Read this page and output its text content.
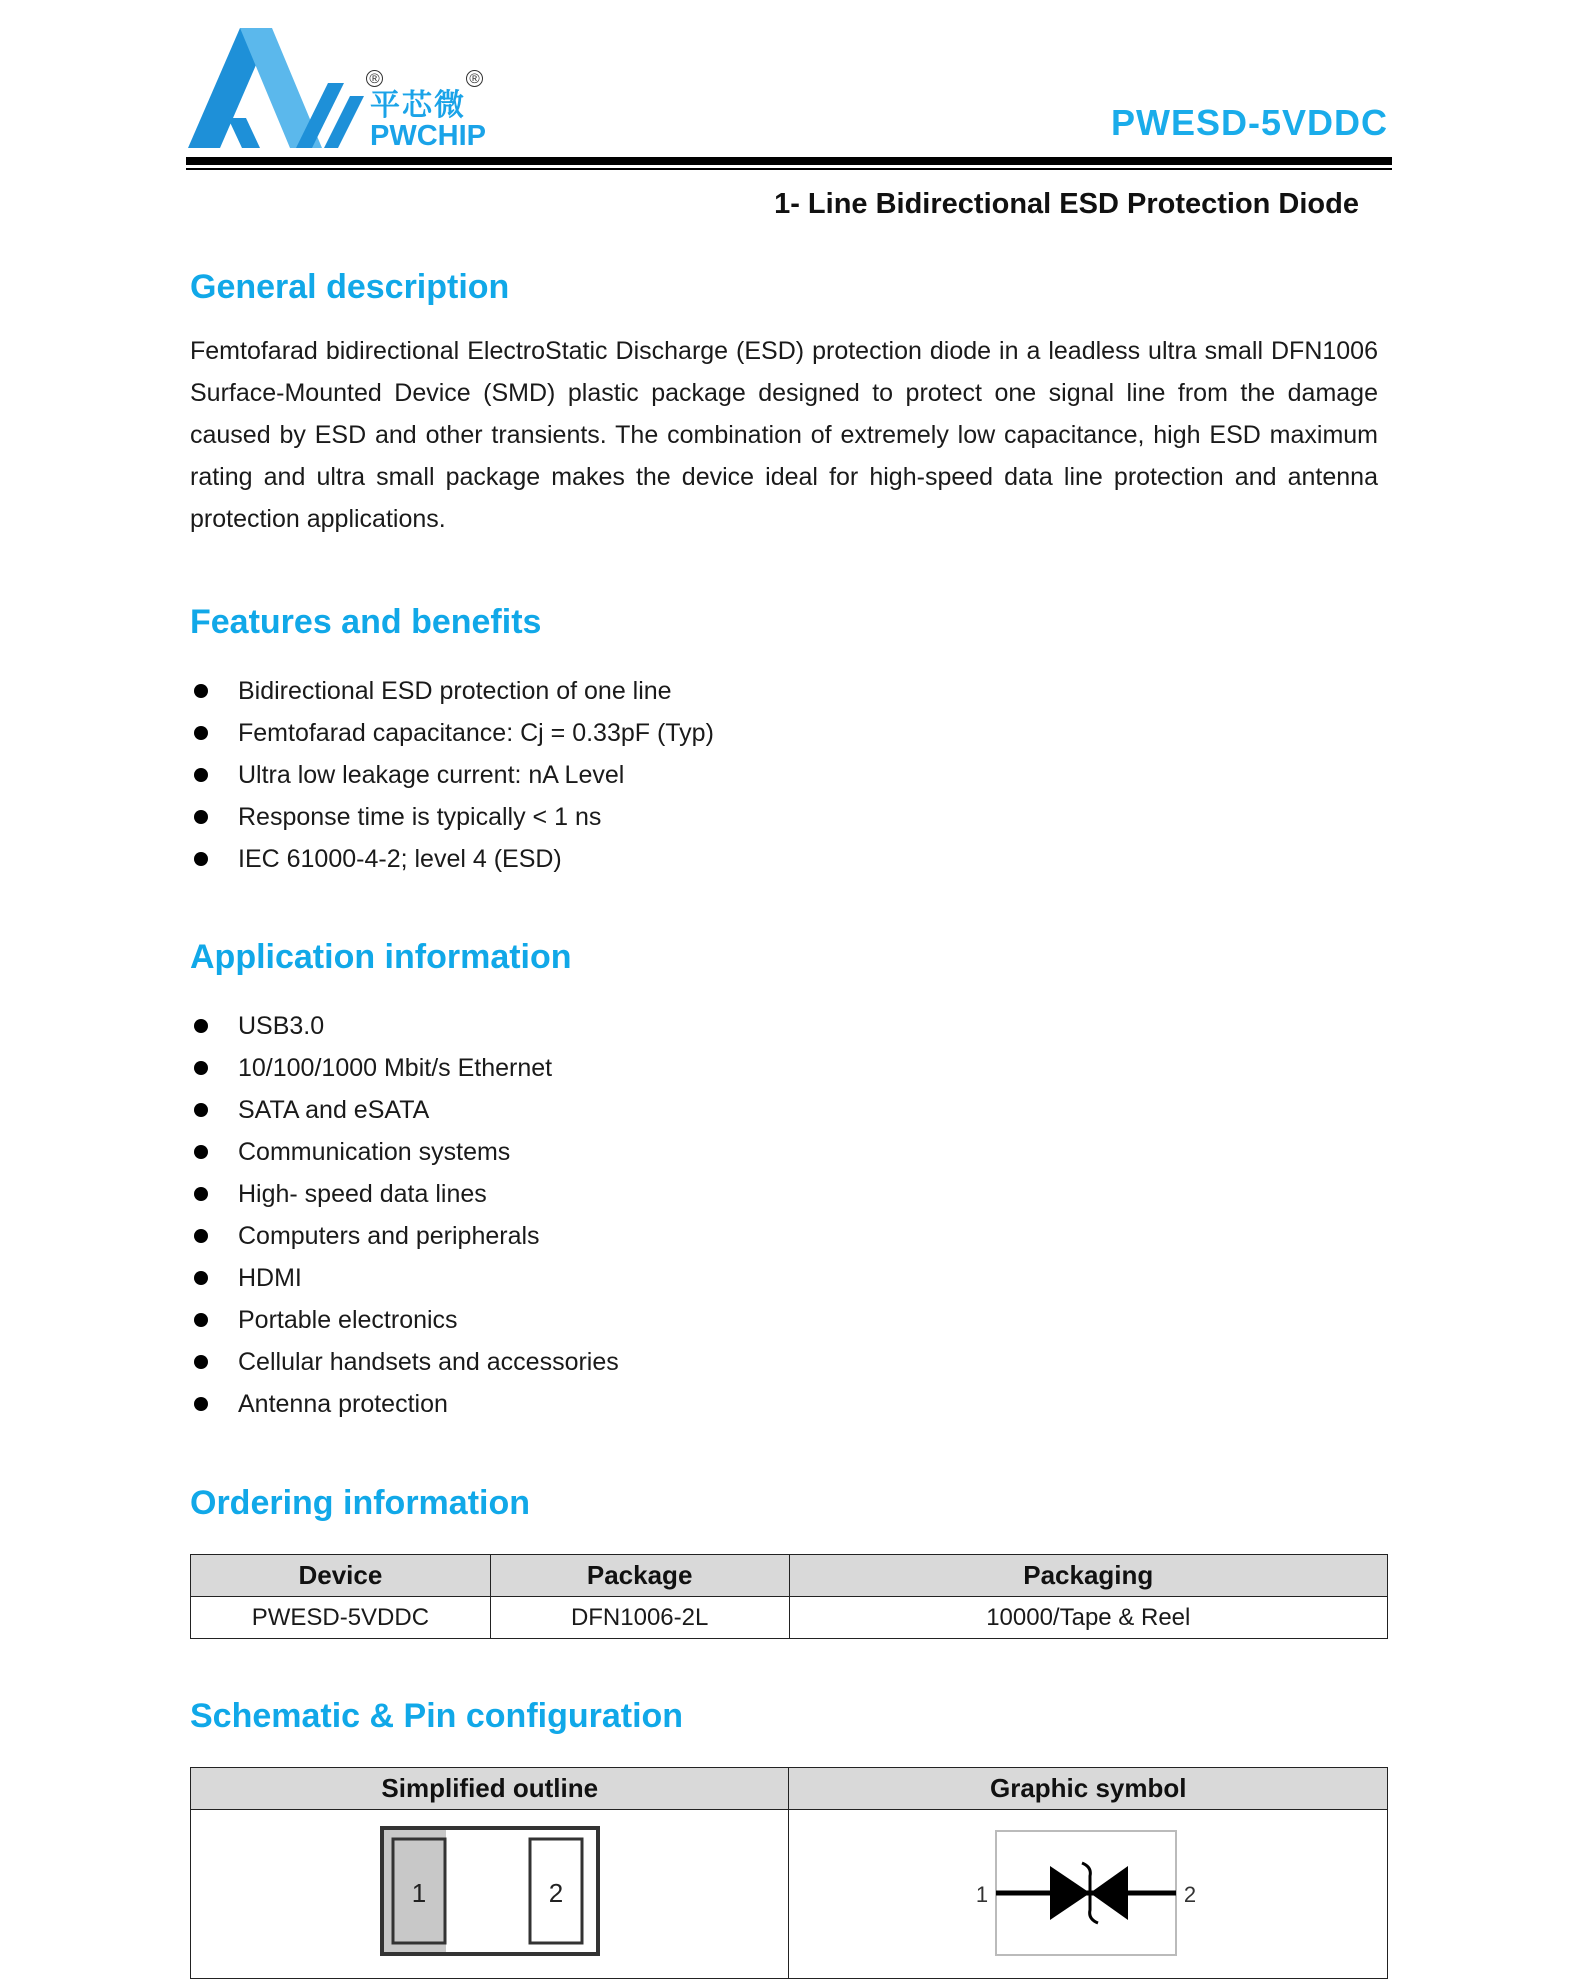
®	®
平芯微
PWCHIP	PWESD-5VDDC
1- Line Bidirectional ESD Protection Diode
General description
Femtofarad bidirectional ElectroStatic Discharge (ESD) protection diode in a leadless ultra small DFN1006 Surface-Mounted Device (SMD) plastic package designed to protect one signal line from the damage caused by ESD and other transients. The combination of extremely low capacitance, high ESD maximum rating and ultra small package makes the device ideal for high-speed data line protection and antenna protection applications.
Features and benefits
Bidirectional ESD protection of one line
Femtofarad capacitance: Cj = 0.33pF (Typ)
Ultra low leakage current: nA Level
Response time is typically < 1 ns
IEC 61000-4-2; level 4 (ESD)
Application information
USB3.0
10/100/1000 Mbit/s Ethernet
SATA and eSATA
Communication systems
High- speed data lines
Computers and peripherals
HDMI
Portable electronics
Cellular handsets and accessories
Antenna protection
Ordering information
Device	Package	Packaging
PWESD-5VDDC	DFN1006-2L	10000/Tape & Reel
Schematic & Pin configuration
Simplified outline	Graphic symbol

1 2	1 2
